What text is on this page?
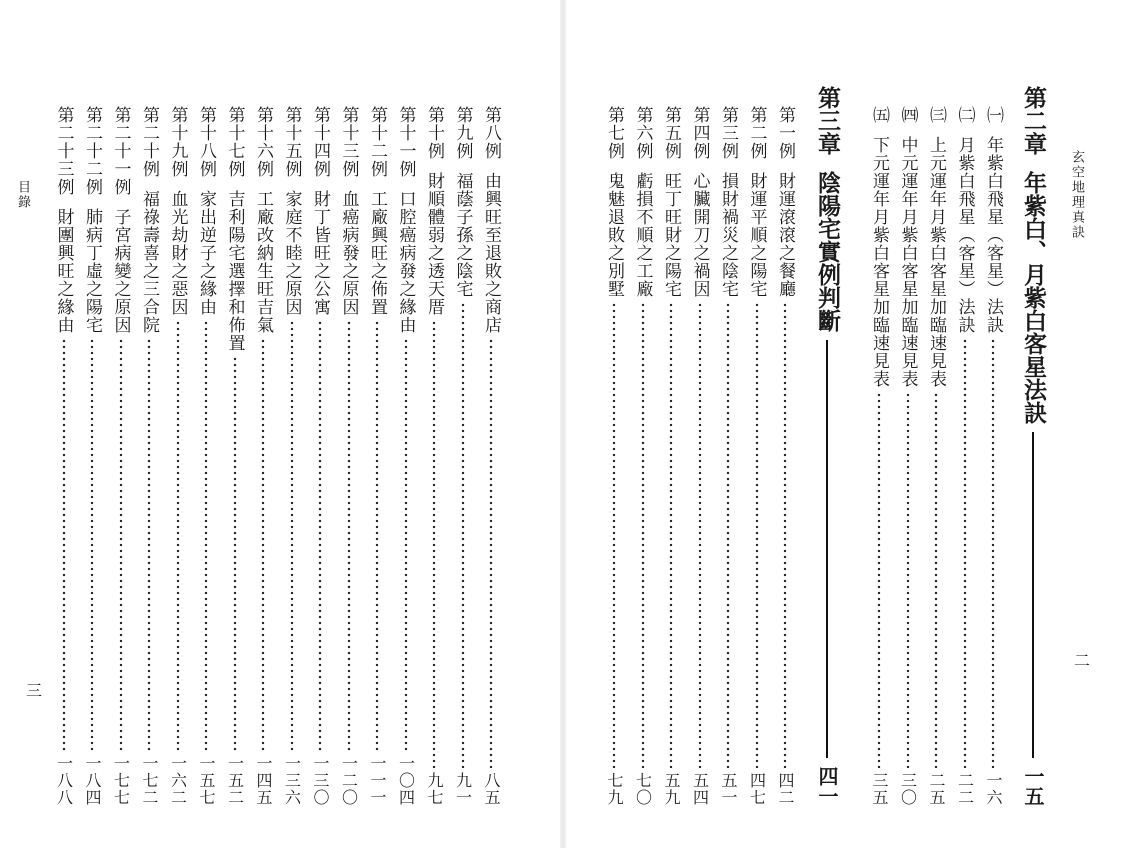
目錄
三
第八例
由興旺至退敗之商店
八五
第九例
福蔭子孫之陰宅
九一
第十例
財順體弱之透天厝
九七
第十一例
口腔癌病發之緣由
一〇四
第十二例
工廠興旺之佈置
一一一
第十三例
血癌病發之原因
一二〇
第十四例
財丁皆旺之公寓
一三〇
第十五例
家庭不睦之原因
一三六
第十六例
工廠改納生旺吉氣
一四五
第十七例
吉利陽宅選擇和佈置
一五二
第十八例
家出逆子之緣由
一五七
第十九例
血光劫財之惡因
一六二
第二十例
福祿壽喜之三合院
一七二
第二十一例
子宮病變之原因
一七七
第二十二例
肺病丁虛之陽宅
一八四
第二十三例
財團興旺之緣由
一八八
玄空地理真訣
二
第二章
年紫白、月紫白客星法訣
一五
㈠
年紫白飛星（客星）法訣
一六
㈡
月紫白飛星（客星）法訣
二二
㈢
上元運年月紫白客星加臨速見表
二五
㈣
中元運年月紫白客星加臨速見表
三〇
㈤
下元運年月紫白客星加臨速見表
三五
第三章
陰陽宅實例判斷
四一
第一例
財運滾滾之餐廳
四二
第二例
財運平順之陽宅
四七
第三例
損財禍災之陰宅
五一
第四例
心臟開刀之禍因
五四
第五例
旺丁旺財之陽宅
五九
第六例
虧損不順之工廠
七〇
第七例
鬼魅退敗之別墅
七九
